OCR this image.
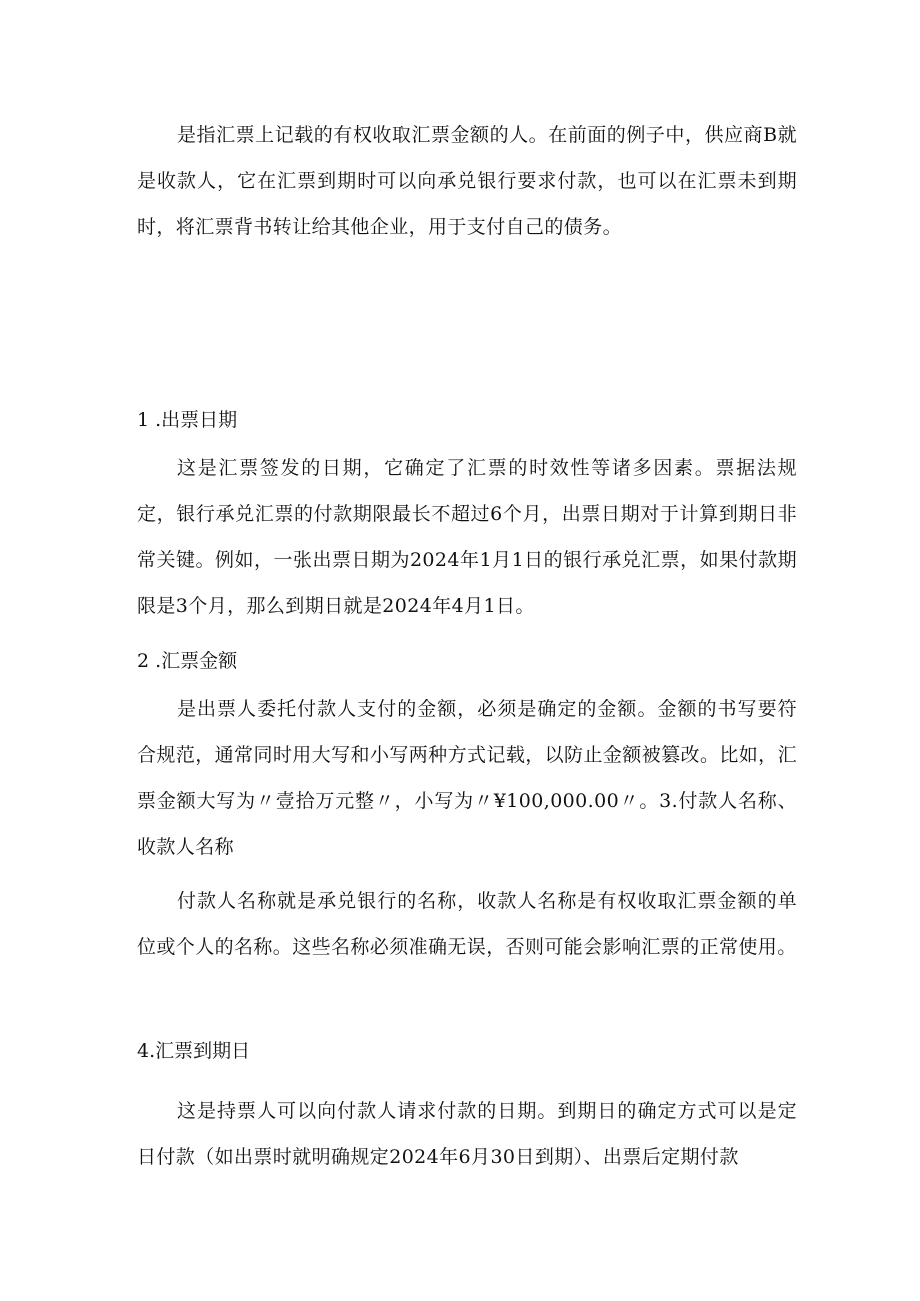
是指汇票上记载的有权收取汇票金额的人。在前面的例子中，供应商B就是收款人，它在汇票到期时可以向承兑银行要求付款，也可以在汇票未到期时，将汇票背书转让给其他企业，用于支付自己的债务。

1 .出票日期

这是汇票签发的日期，它确定了汇票的时效性等诸多因素。票据法规定，银行承兑汇票的付款期限最长不超过6个月，出票日期对于计算到期日非常关键。例如，一张出票日期为2024年1月1日的银行承兑汇票，如果付款期限是3个月，那么到期日就是2024年4月1日。

2 .汇票金额

是出票人委托付款人支付的金额，必须是确定的金额。金额的书写要符合规范，通常同时用大写和小写两种方式记载，以防止金额被篡改。比如，汇票金额大写为〃壹拾万元整〃，小写为〃¥100,000.00〃。3.付款人名称、收款人名称

付款人名称就是承兑银行的名称，收款人名称是有权收取汇票金额的单位或个人的名称。这些名称必须准确无误，否则可能会影响汇票的正常使用。

4.汇票到期日

这是持票人可以向付款人请求付款的日期。到期日的确定方式可以是定日付款（如出票时就明确规定2024年6月30日到期）、出票后定期付款
